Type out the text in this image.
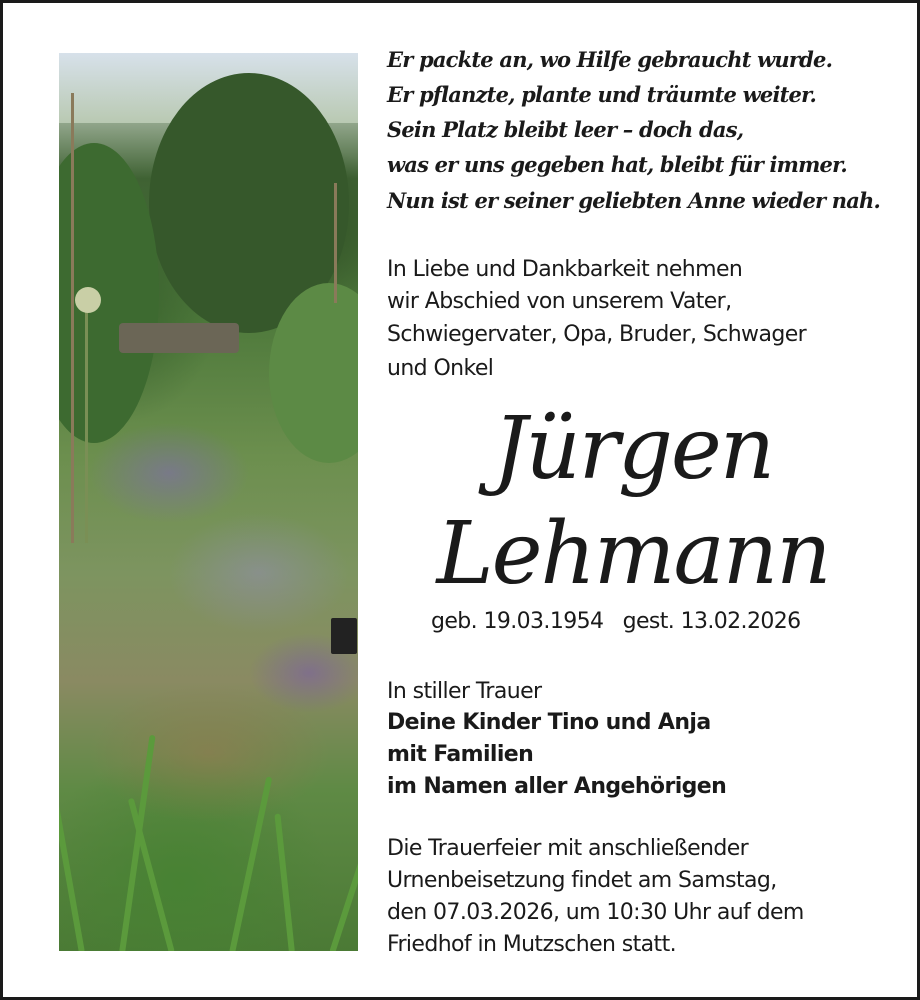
Er packte an, wo Hilfe gebraucht wurde.
Er pflanzte, plante und träumte weiter.
Sein Platz bleibt leer – doch das,
was er uns gegeben hat, bleibt für immer.
Nun ist er seiner geliebten Anne wieder nah.
In Liebe und Dankbarkeit nehmen
wir Abschied von unserem Vater,
Schwiegervater, Opa, Bruder, Schwager
und Onkel
Jürgen
Lehmann
geb. 19.03.1954   gest. 13.02.2026
In stiller Trauer
Deine Kinder Tino und Anja
mit Familien
im Namen aller Angehörigen
Die Trauerfeier mit anschließender
Urnenbeisetzung findet am Samstag,
den 07.03.2026, um 10:30 Uhr auf dem
Friedhof in Mutzschen statt.
